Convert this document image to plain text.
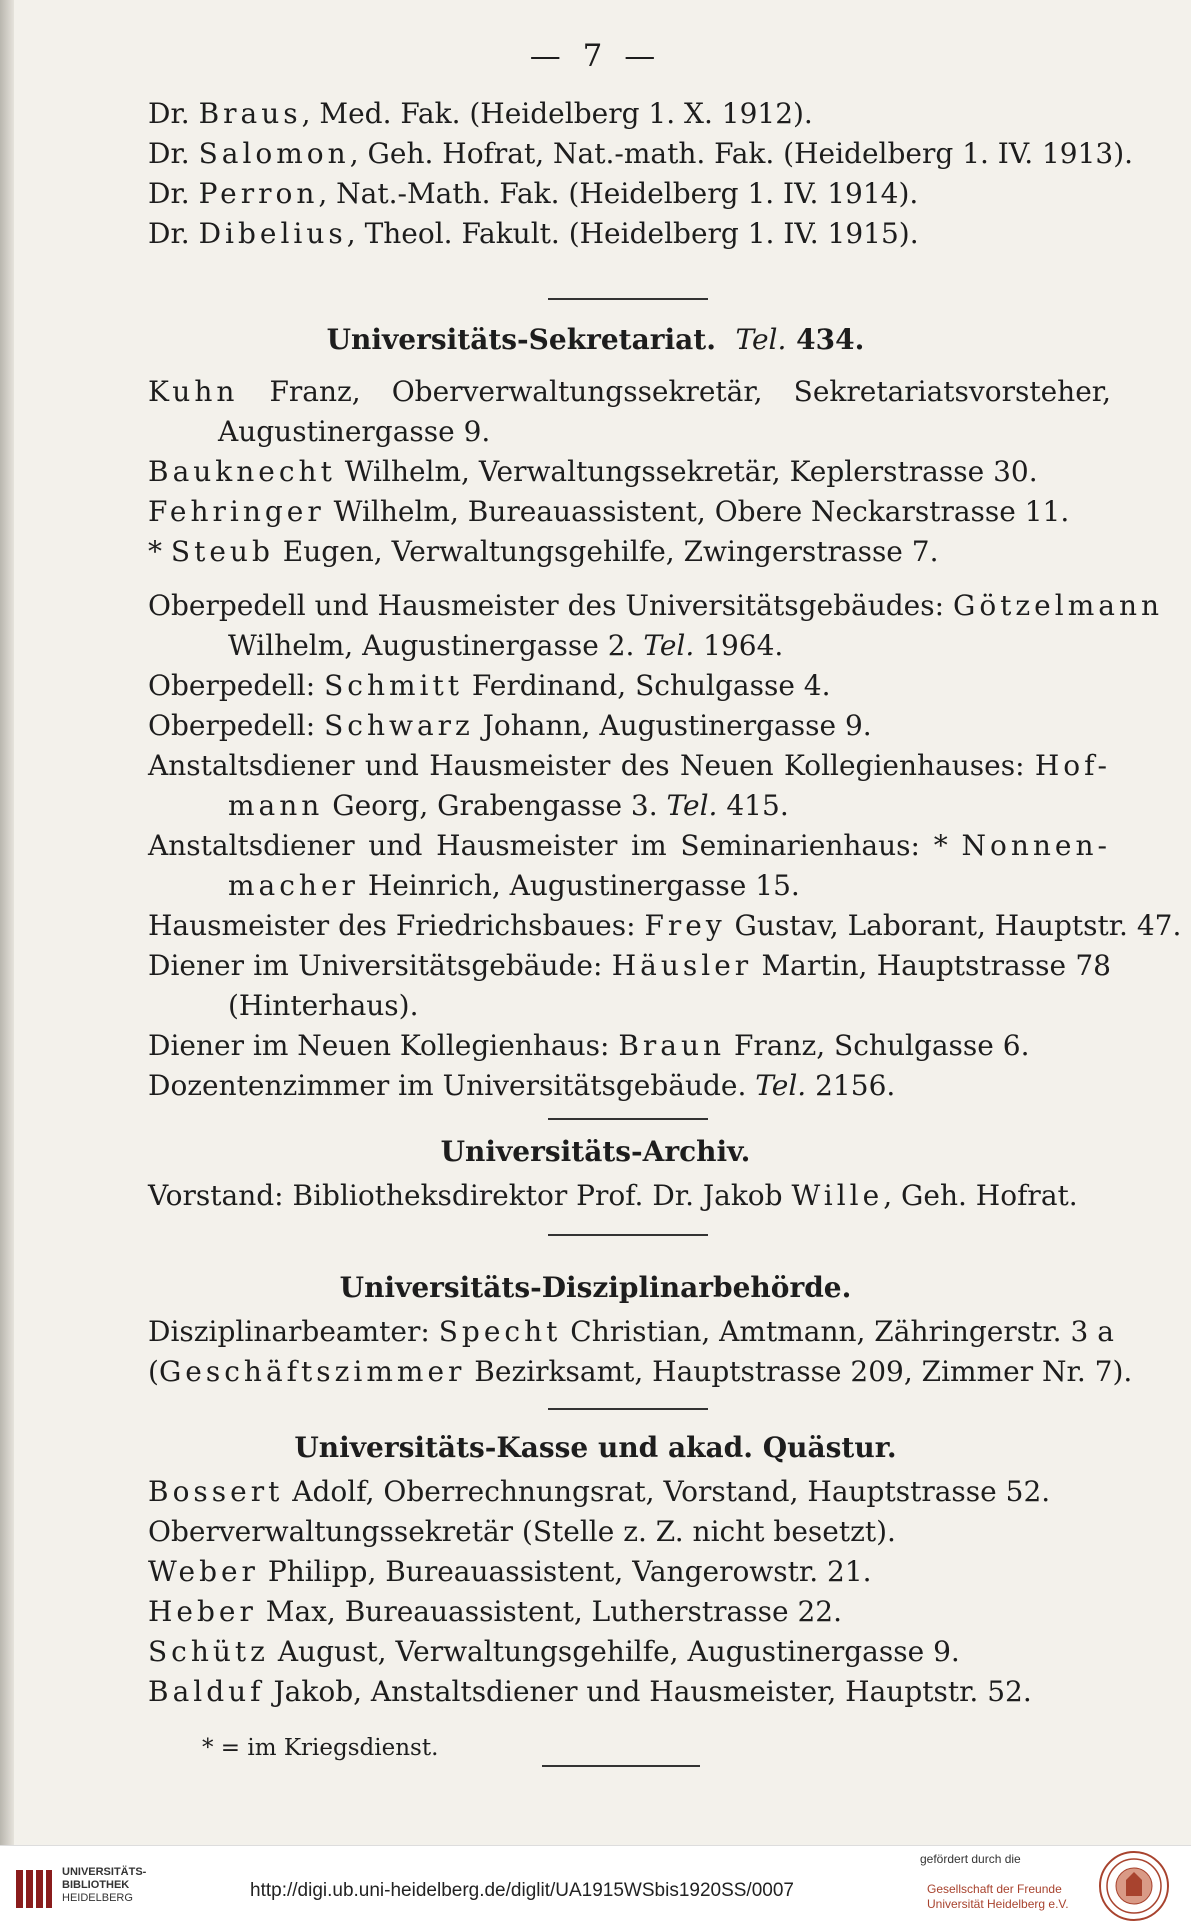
— 7 —
Dr. Braus, Med. Fak. (Heidelberg 1. X. 1912).
Dr. Salomon, Geh. Hofrat, Nat.-math. Fak. (Heidelberg 1. IV. 1913).
Dr. Perron, Nat.-Math. Fak. (Heidelberg 1. IV. 1914).
Dr. Dibelius, Theol. Fakult. (Heidelberg 1. IV. 1915).
Universitäts-Sekretariat. Tel. 434.
Kuhn Franz, Oberverwaltungssekretär, Sekretariatsvorsteher,
Augustinergasse 9.
Bauknecht Wilhelm, Verwaltungssekretär, Keplerstrasse 30.
Fehringer Wilhelm, Bureauassistent, Obere Neckarstrasse 11.
* Steub Eugen, Verwaltungsgehilfe, Zwingerstrasse 7.
Oberpedell und Hausmeister des Universitätsgebäudes: Götzelmann
Wilhelm, Augustinergasse 2. Tel. 1964.
Oberpedell: Schmitt Ferdinand, Schulgasse 4.
Oberpedell: Schwarz Johann, Augustinergasse 9.
Anstaltsdiener und Hausmeister des Neuen Kollegienhauses: Hof-
mann Georg, Grabengasse 3. Tel. 415.
Anstaltsdiener und Hausmeister im Seminarienhaus: * Nonnen-
macher Heinrich, Augustinergasse 15.
Hausmeister des Friedrichsbaues: Frey Gustav, Laborant, Hauptstr. 47.
Diener im Universitätsgebäude: Häusler Martin, Hauptstrasse 78
(Hinterhaus).
Diener im Neuen Kollegienhaus: Braun Franz, Schulgasse 6.
Dozentenzimmer im Universitätsgebäude. Tel. 2156.
Universitäts-Archiv.
Vorstand: Bibliotheksdirektor Prof. Dr. Jakob Wille, Geh. Hofrat.
Universitäts-Disziplinarbehörde.
Disziplinarbeamter: Specht Christian, Amtmann, Zähringerstr. 3 a
(Geschäftszimmer Bezirksamt, Hauptstrasse 209, Zimmer Nr. 7).
Universitäts-Kasse und akad. Quästur.
Bossert Adolf, Oberrechnungsrat, Vorstand, Hauptstrasse 52.
Oberverwaltungssekretär (Stelle z. Z. nicht besetzt).
Weber Philipp, Bureauassistent, Vangerowstr. 21.
Heber Max, Bureauassistent, Lutherstrasse 22.
Schütz August, Verwaltungsgehilfe, Augustinergasse 9.
Balduf Jakob, Anstaltsdiener und Hausmeister, Hauptstr. 52.
* = im Kriegsdienst.
UNIVERSITÄTS-
BIBLIOTHEK
HEIDELBERG	http://digi.ub.uni-heidelberg.de/diglit/UA1915WSbis1920SS/0007
gefördert durch die
Gesellschaft der Freunde
Universität Heidelberg e.V.
